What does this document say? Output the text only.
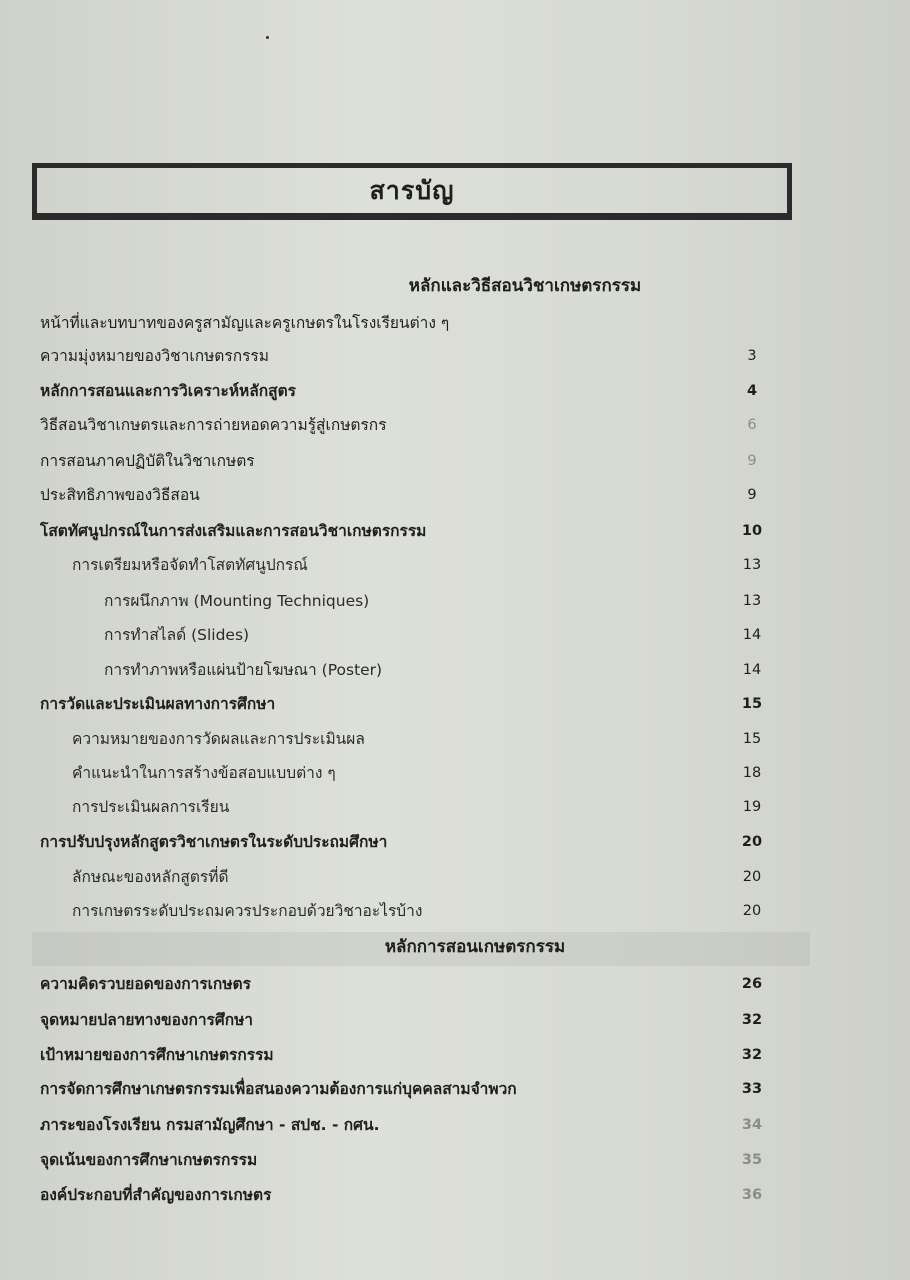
สารบัญ
หลักและวิธีสอนวิชาเกษตรกรรม
หน้าที่และบทบาทของครูสามัญและครูเกษตรในโรงเรียนต่าง ๆ
ความมุ่งหมายของวิชาเกษตรกรรม	3
หลักการสอนและการวิเคราะห์หลักสูตร	4
วิธีสอนวิชาเกษตรและการถ่ายหอดความรู้สู่เกษตรกร	6
การสอนภาคปฏิบัติในวิชาเกษตร	9
ประสิทธิภาพของวิธีสอน	9
โสตทัศนูปกรณ์ในการส่งเสริมและการสอนวิชาเกษตรกรรม	10
การเตรียมหรือจัดทำโสตทัศนูปกรณ์	13
การผนึกภาพ (Mounting Techniques)	13
การทำสไลด์ (Slides)	14
การทำภาพหรือแผ่นป้ายโฆษณา (Poster)	14
การวัดและประเมินผลทางการศึกษา	15
ความหมายของการวัดผลและการประเมินผล	15
คำแนะนำในการสร้างข้อสอบแบบต่าง ๆ	18
การประเมินผลการเรียน	19
การปรับปรุงหลักสูตรวิชาเกษตรในระดับประถมศึกษา	20
ลักษณะของหลักสูตรที่ดี	20
การเกษตรระดับประถมควรประกอบด้วยวิชาอะไรบ้าง	20
หลักการสอนเกษตรกรรม
ความคิดรวบยอดของการเกษตร	26
จุดหมายปลายทางของการศึกษา	32
เป้าหมายของการศึกษาเกษตรกรรม	32
การจัดการศึกษาเกษตรกรรมเพื่อสนองความต้องการแก่บุคคลสามจำพวก	33
ภาระของโรงเรียน กรมสามัญศึกษา - สปช. - กศน.	34
จุดเน้นของการศึกษาเกษตรกรรม	35
องค์ประกอบที่สำคัญของการเกษตร	36
